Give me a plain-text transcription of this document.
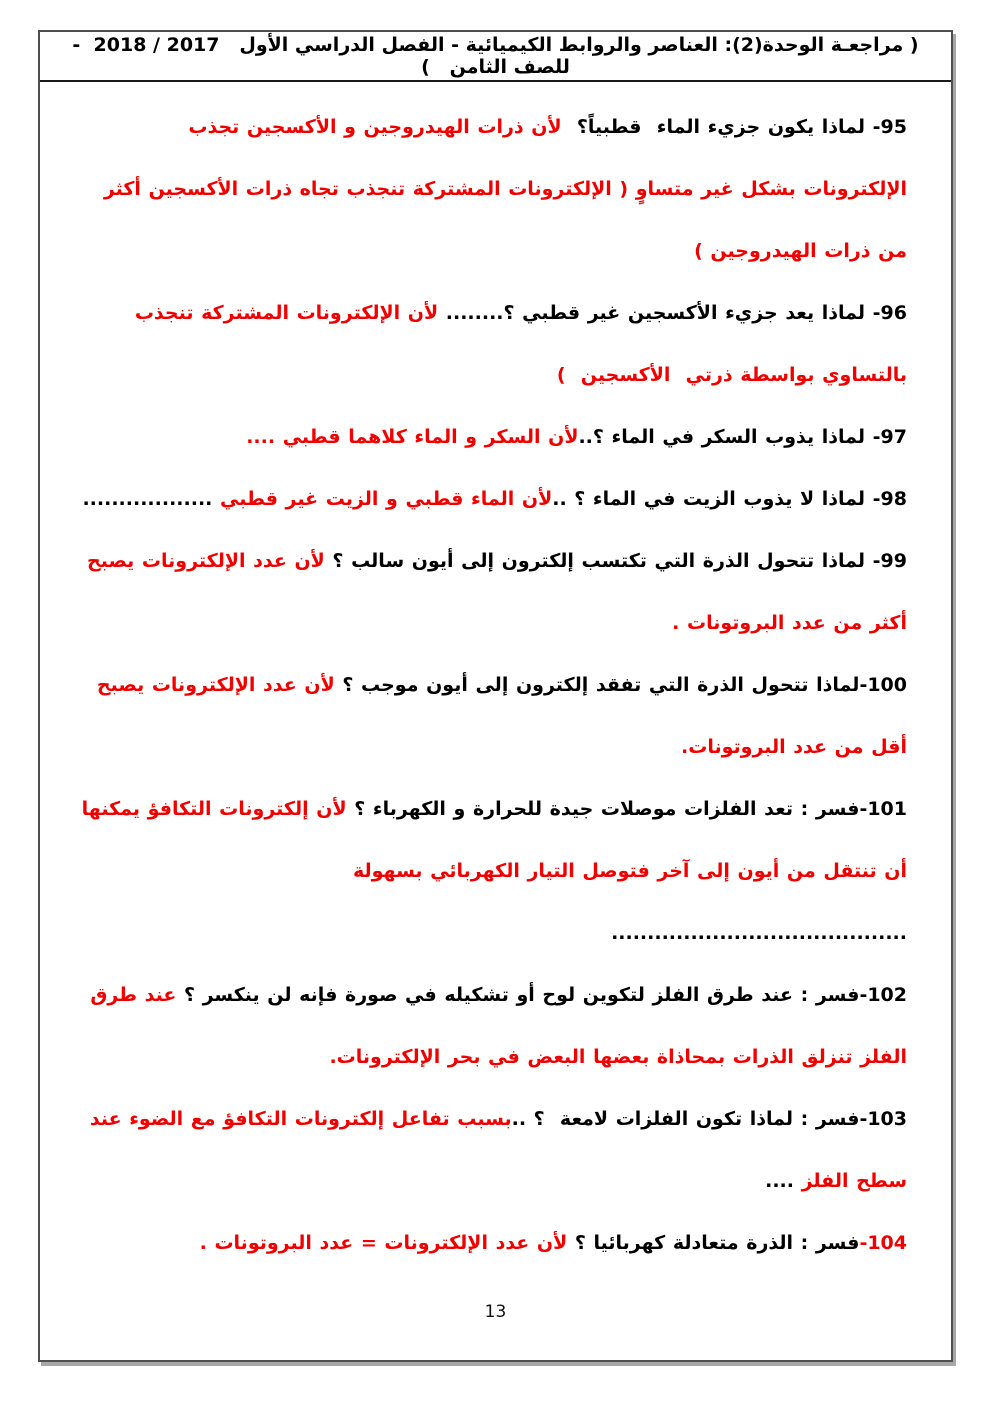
( مراجعـة الوحدة(2): العناصر والروابط الكيميائية - الفصل الدراسي الأول   2017 / 2018  - للصف الثامن   )

95- لماذا يكون جزيء الماء  قطبياً؟  لأن ذرات الهيدروجين و الأكسجين تجذب الإلكترونات بشكل غير متساوٍ ( الإلكترونات المشتركة تنجذب تجاه ذرات الأكسجين أكثر من ذرات الهيدروجين )

96- لماذا يعد جزيء الأكسجين غير قطبي ؟........ لأن الإلكترونات المشتركة تنجذب بالتساوي بواسطة ذرتي  الأكسجين  )

97- لماذا يذوب السكر في الماء ؟..لأن السكر و الماء كلاهما قطبي ....

98- لماذا لا يذوب الزيت في الماء ؟ ..لأن الماء قطبي و الزيت غير قطبي ..................

99- لماذا تتحول الذرة التي تكتسب إلكترون إلى أيون سالب ؟ لأن عدد الإلكترونات يصبح أكثر من عدد البروتونات .

100-لماذا تتحول الذرة التي تفقد إلكترون إلى أيون موجب ؟ لأن عدد الإلكترونات يصبح أقل من عدد البروتونات.

101-فسر : تعد الفلزات موصلات جيدة للحرارة و الكهرباء ؟ لأن إلكترونات التكافؤ يمكنها أن تنتقل من أيون إلى آخر فتوصل التيار الكهربائي بسهولة .........................................

102-فسر : عند طرق الفلز لتكوين لوح أو تشكيله في صورة فإنه لن ينكسر ؟ عند طرق الفلز تنزلق الذرات بمحاذاة بعضها البعض في بحر الإلكترونات.

103-فسر : لماذا تكون الفلزات لامعة  ؟ ..بسبب تفاعل إلكترونات التكافؤ مع الضوء عند سطح الفلز ....

104-فسر : الذرة متعادلة كهربائيا ؟ لأن عدد الإلكترونات = عدد البروتونات .

13
